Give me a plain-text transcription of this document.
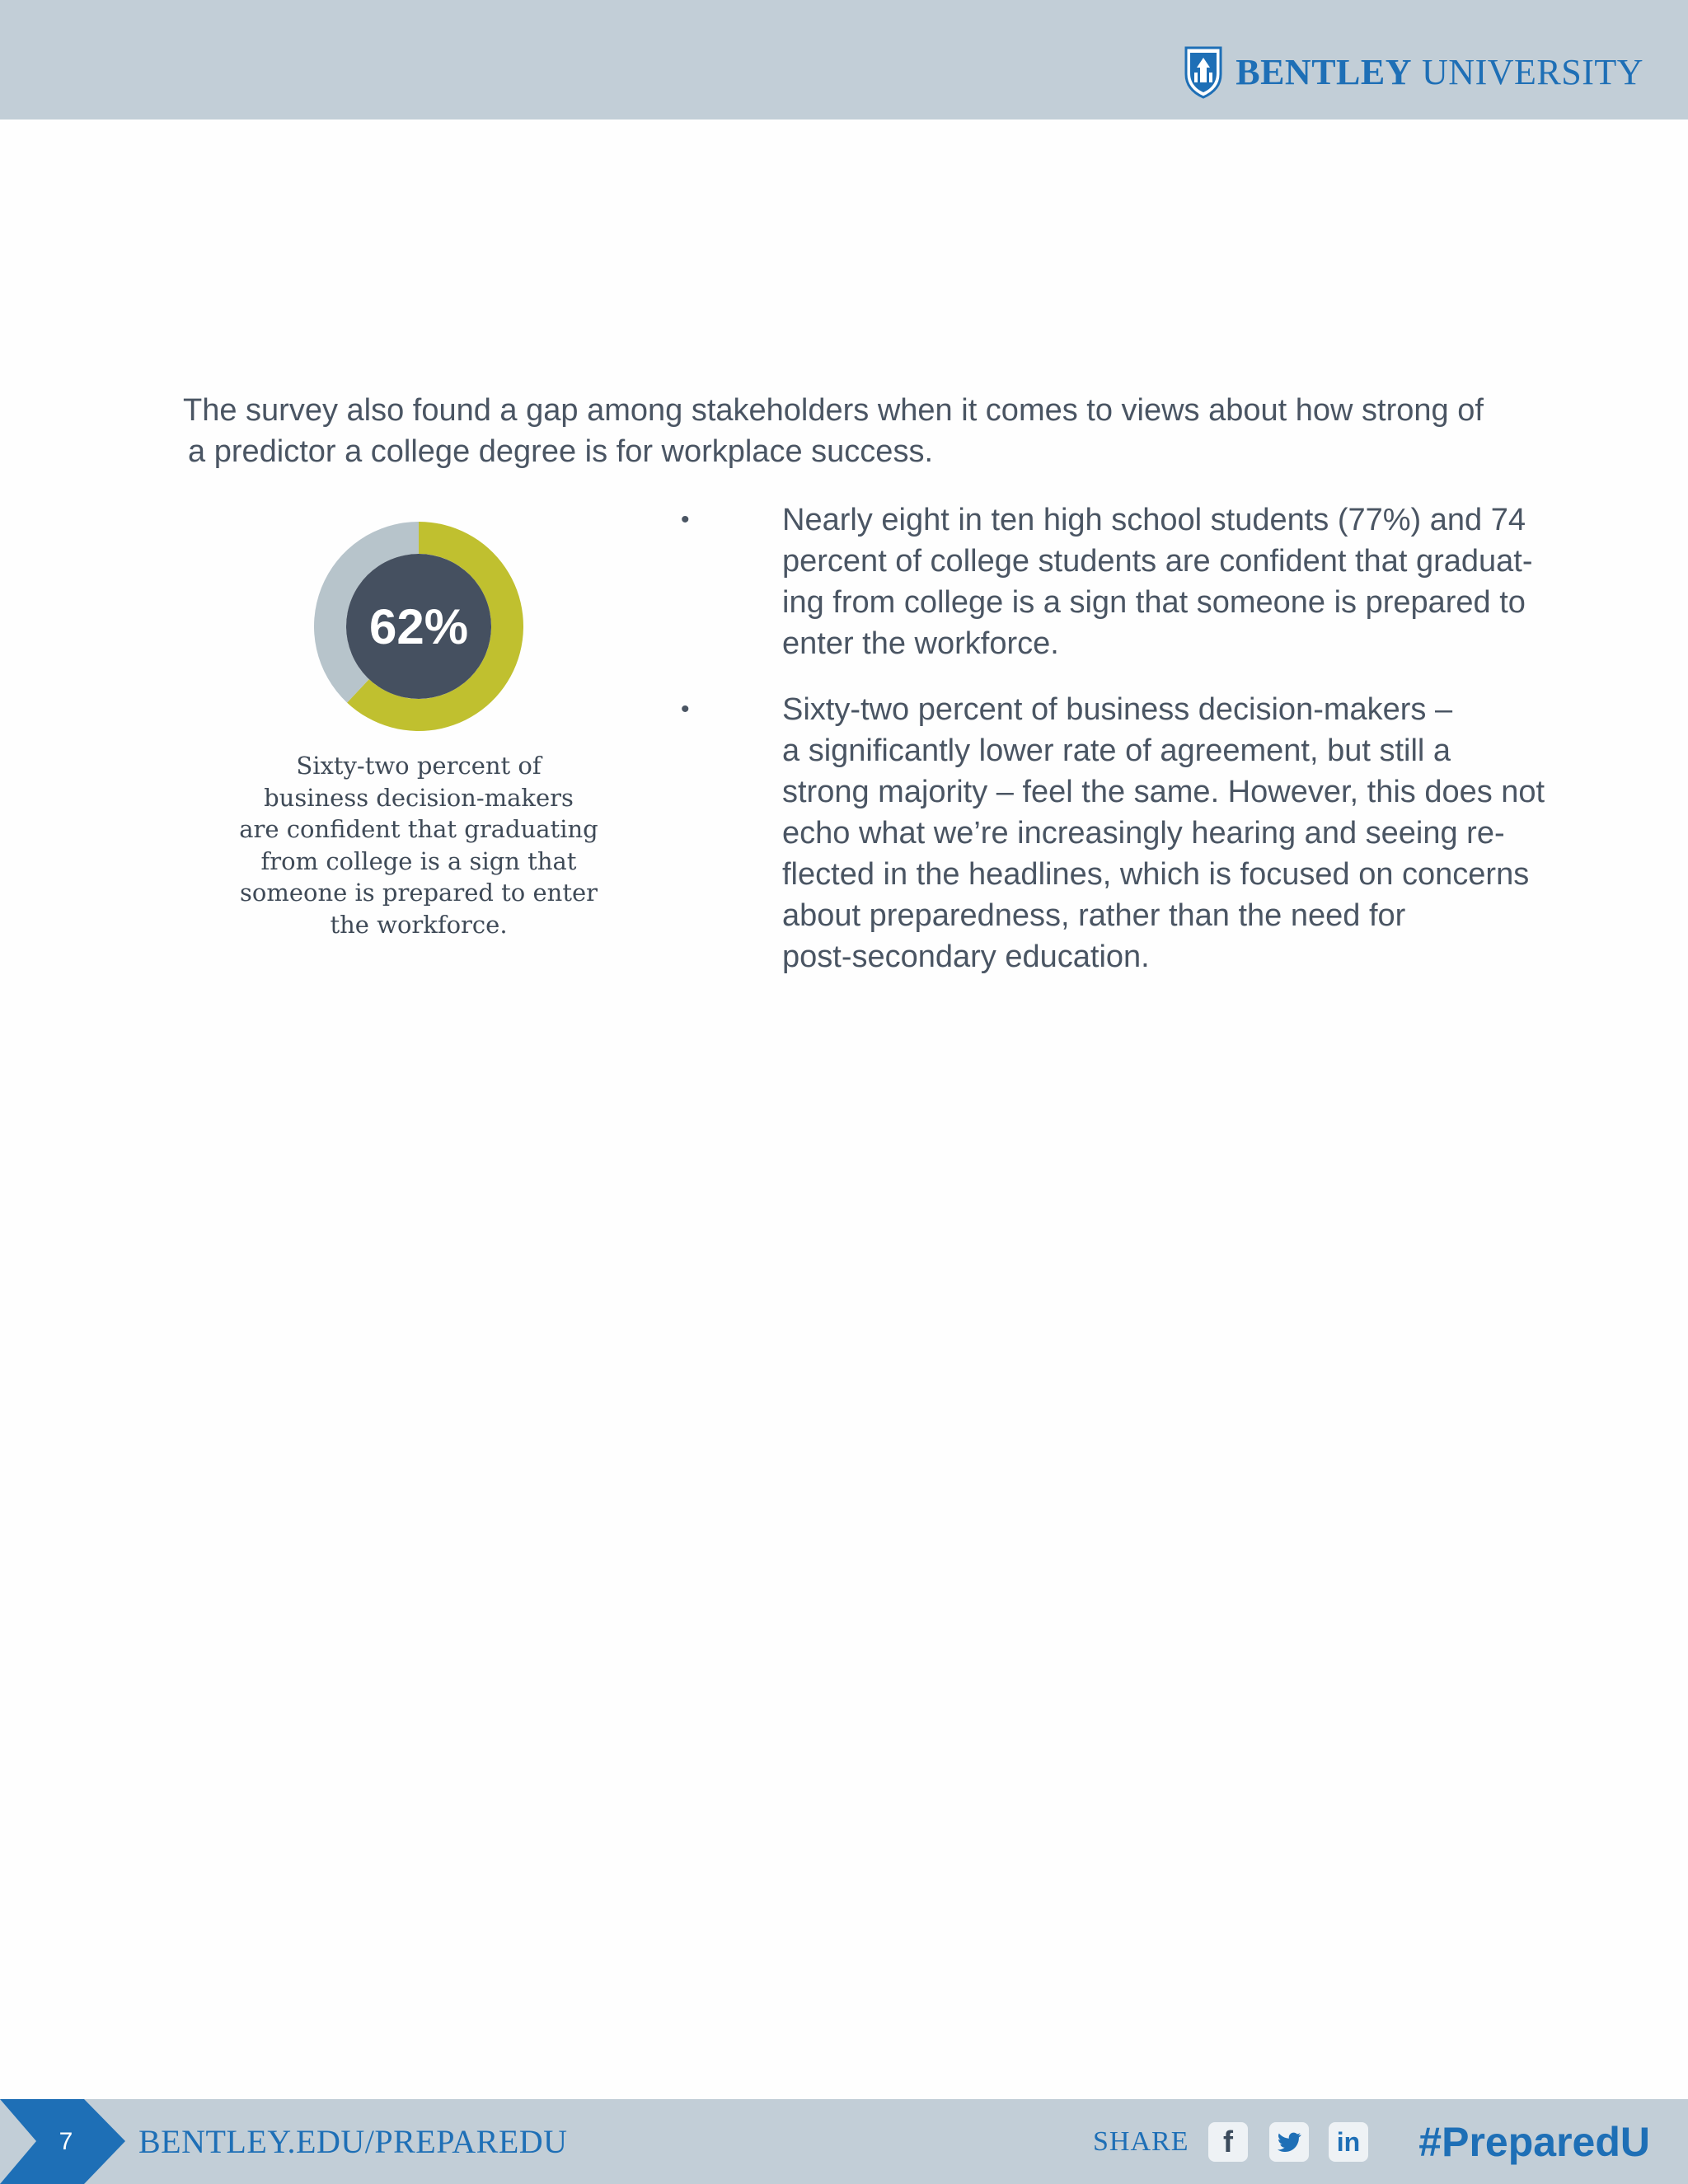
BENTLEY UNIVERSITY
The survey also found a gap among stakeholders when it comes to views about how strong of
a predictor a college degree is for workplace success.
62%
Sixty-two percent of
business decision-makers
are confident that graduating
from college is a sign that
someone is prepared to enter
the workforce.
•	Nearly eight in ten high school students (77%) and 74
percent of college students are confident that graduat-
ing from college is a sign that someone is prepared to
enter the workforce.
•	Sixty-two percent of business decision-makers –
a significantly lower rate of agreement, but still a
strong majority – feel the same. However, this does not
echo what we’re increasingly hearing and seeing re-
flected in the headlines, which is focused on concerns
about preparedness, rather than the need for
post-secondary education.
7	BENTLEY.EDU/PREPAREDU	SHARE f	in #PreparedU
